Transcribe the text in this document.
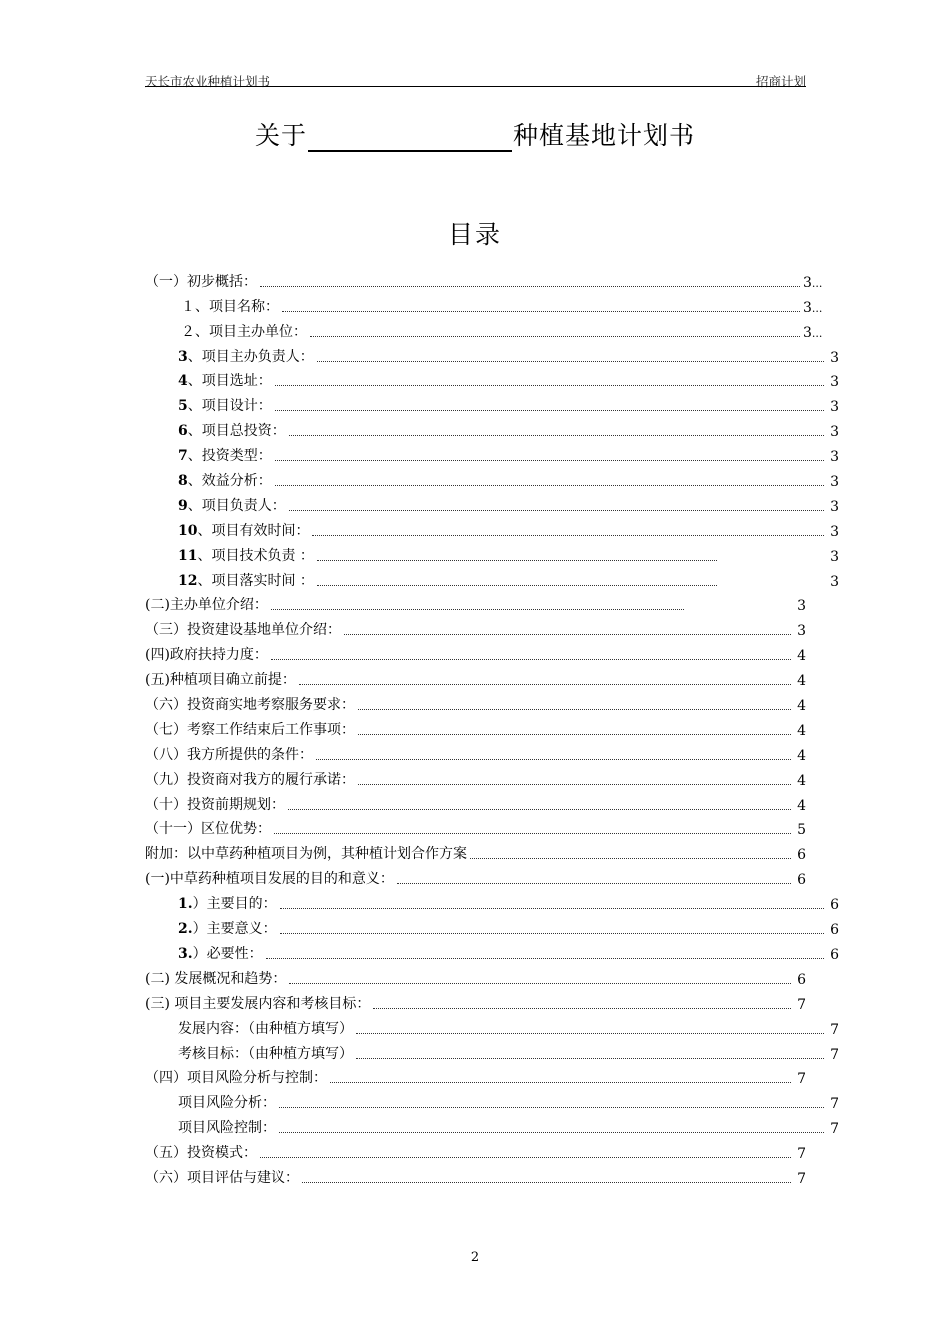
天长市农业种植计划书	招商计划
关于	种植基地计划书
目录
（一）初步概括：	3...
１、项目名称：	3...
２、项目主办单位：	3...
3、项目主办负责人：	3
4、项目选址：	3
5、项目设计：	3
6、项目总投资：	3
7、投资类型：	3
8、效益分析：	3
9、项目负责人：	3
10、项目有效时间：	3
11、项目技术负责 ：	3
12、项目落实时间 ：	3
(二)主办单位介绍：	3
（三）投资建设基地单位介绍：	3
(四)政府扶持力度：	4
(五)种植项目确立前提：	4
（六）投资商实地考察服务要求：	4
（七）考察工作结束后工作事项：	4
（八）我方所提供的条件：	4
（九）投资商对我方的履行承诺：	4
（十）投资前期规划：	4
（十一）区位优势：	5
附加：以中草药种植项目为例，其种植计划合作方案	6
(一)中草药种植项目发展的目的和意义：	6
1.）主要目的：	6
2.）主要意义：	6
3.）必要性：	6
(二) 发展概况和趋势：	6
(三) 项目主要发展内容和考核目标：	7
发展内容：（由种植方填写）	7
考核目标：（由种植方填写）	7
（四）项目风险分析与控制：	7
项目风险分析：	7
项目风险控制：	7
（五）投资模式：	7
（六）项目评估与建议：	7
2
